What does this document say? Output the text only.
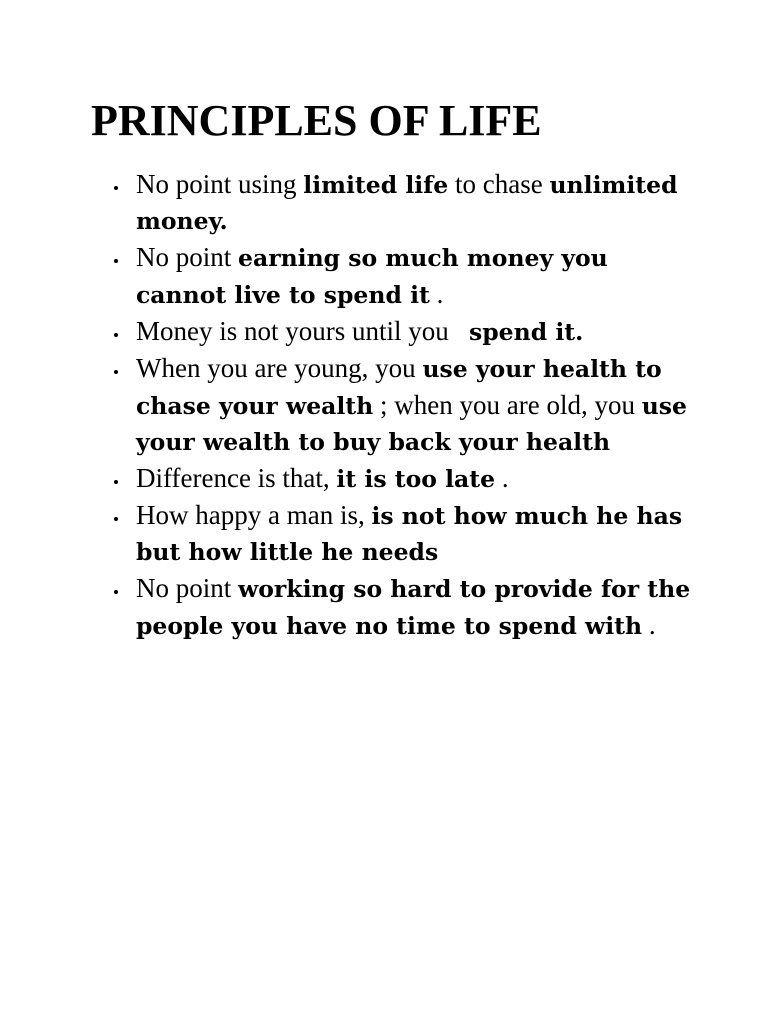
PRINCIPLES OF LIFE
No point using limited life to chase unlimited money.
No point earning so much money you cannot live to spend it .
Money is not yours until you   spend it.
When you are young, you use your health to chase your wealth ; when you are old, you use your wealth to buy back your health
Difference is that, it is too late .
How happy a man is, is not how much he has but how little he needs
No point working so hard to provide for the people you have no time to spend with .
